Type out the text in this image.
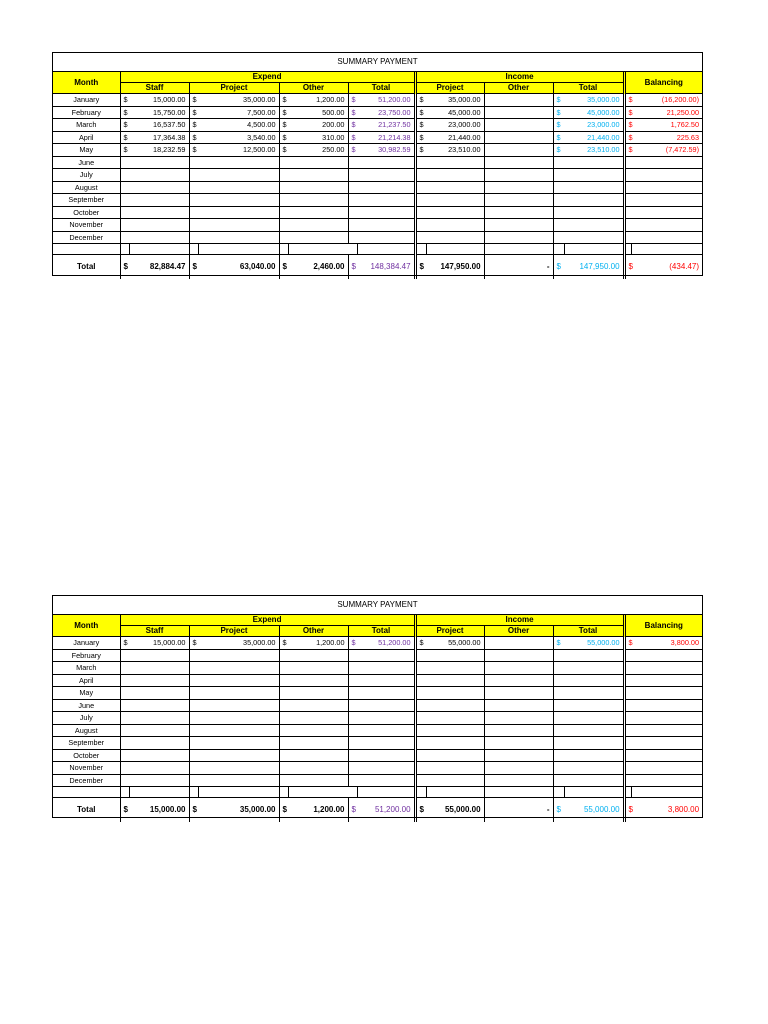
SUMMARY PAYMENT
Month	Expend								Income					Balancing	
	Staff		Project		Other		Total		Project		Other	Total			
January	$	15,000.00	$	35,000.00	$	1,200.00	$	51,200.00	$	35,000.00		$	35,000.00	$	(16,200.00)
February	$	15,750.00	$	7,500.00	$	500.00	$	23,750.00	$	45,000.00		$	45,000.00	$	21,250.00
March	$	16,537.50	$	4,500.00	$	200.00	$	21,237.50	$	23,000.00		$	23,000.00	$	1,762.50
April	$	17,364.38	$	3,540.00	$	310.00	$	21,214.38	$	21,440.00		$	21,440.00	$	225.63
May	$	18,232.59	$	12,500.00	$	250.00	$	30,982.59	$	23,510.00		$	23,510.00	$	(7,472.59)
June															
July															
August															
September															
October															
November															
December															

Total	$	82,884.47	$	63,040.00	$	2,460.00	$	148,384.47	$	147,950.00	-	$	147,950.00	$	(434.47)
SUMMARY PAYMENT
Month	Expend								Income					Balancing	
	Staff		Project		Other		Total		Project		Other	Total			
January	$	15,000.00	$	35,000.00	$	1,200.00	$	51,200.00	$	55,000.00		$	55,000.00	$	3,800.00
February															
March															
April															
May															
June															
July															
August															
September															
October															
November															
December															

Total	$	15,000.00	$	35,000.00	$	1,200.00	$	51,200.00	$	55,000.00	-	$	55,000.00	$	3,800.00
